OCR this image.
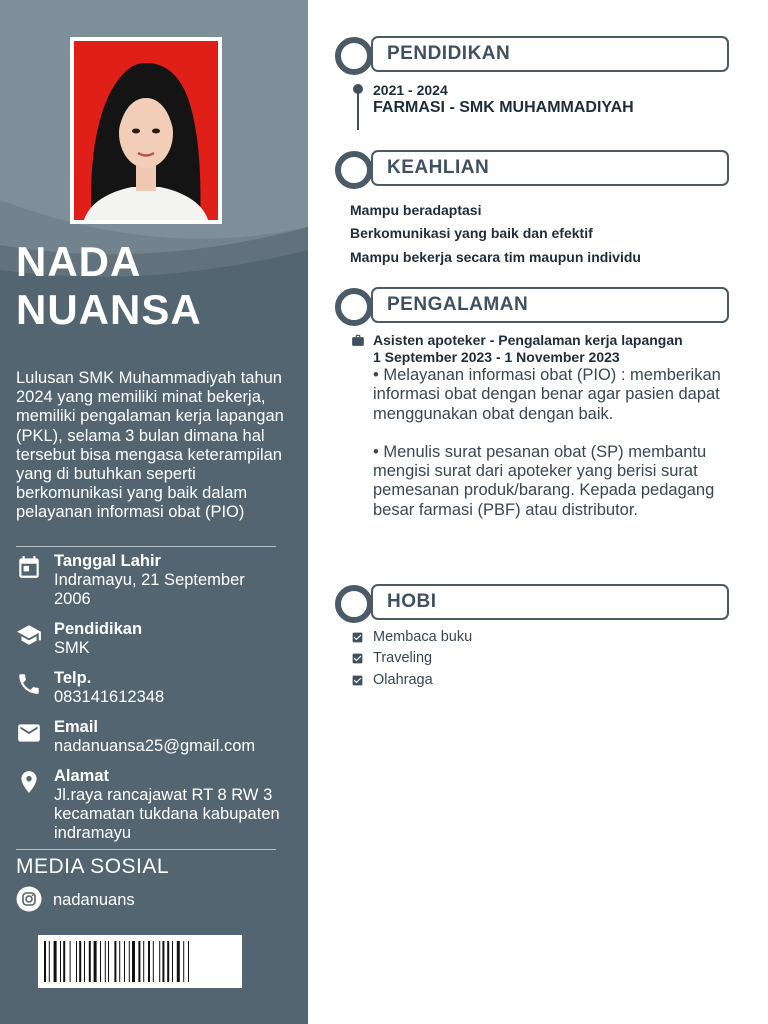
NADA
NUANSA
Lulusan SMK Muhammadiyah tahun 2024 yang memiliki minat bekerja, memiliki pengalaman kerja lapangan (PKL), selama 3 bulan dimana hal tersebut bisa mengasa keterampilan yang di butuhkan seperti berkomunikasi yang baik dalam pelayanan informasi obat (PIO)
Tanggal Lahir
Indramayu, 21 September 2006
Pendidikan
SMK
Telp.
083141612348
Email
nadanuansa25@gmail.com
Alamat
Jl.raya rancajawat RT 8 RW 3 kecamatan tukdana kabupaten indramayu
MEDIA SOSIAL
nadanuans
PENDIDIKAN
2021 - 2024
FARMASI - SMK MUHAMMADIYAH
KEAHLIAN
Mampu beradaptasi
Berkomunikasi yang baik dan efektif
Mampu bekerja secara tim maupun individu
PENGALAMAN
Asisten apoteker - Pengalaman kerja lapangan
1 September 2023 - 1 November 2023
• Melayanan informasi obat (PIO) : memberikan informasi obat dengan benar agar pasien dapat menggunakan obat dengan baik.
• Menulis surat pesanan obat (SP) membantu mengisi surat dari apoteker yang berisi surat pemesanan produk/barang. Kepada pedagang besar farmasi (PBF) atau distributor.
HOBI
Membaca buku
Traveling
Olahraga
